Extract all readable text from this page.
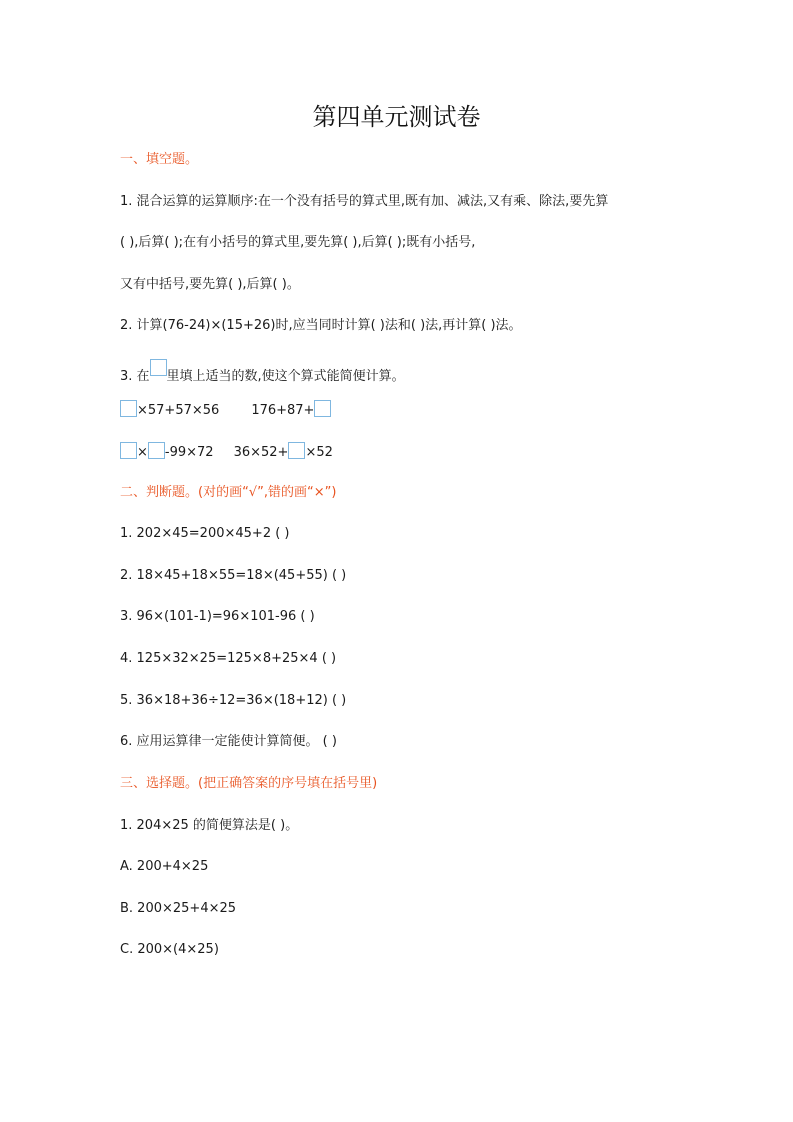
第四单元测试卷
一、填空题。
1. 混合运算的运算顺序:在一个没有括号的算式里,既有加、减法,又有乘、除法,要先算
( ),后算( );在有小括号的算式里,要先算( ),后算( );既有小括号,
又有中括号,要先算( ),后算( )。
2. 计算(76-24)×(15+26)时,应当同时计算( )法和( )法,再计算( )法。
3. 在 里填上适当的数,使这个算式能简便计算。
×57+57×56 176+87+
× -99×72 36×52+ ×52
二、判断题。(对的画“√”,错的画“×”)
1. 202×45=200×45+2 ( )
2. 18×45+18×55=18×(45+55) ( )
3. 96×(101-1)=96×101-96 ( )
4. 125×32×25=125×8+25×4 ( )
5. 36×18+36÷12=36×(18+12) ( )
6. 应用运算律一定能使计算简便。 ( )
三、选择题。(把正确答案的序号填在括号里)
1. 204×25 的简便算法是( )。
A. 200+4×25
B. 200×25+4×25
C. 200×(4×25)
